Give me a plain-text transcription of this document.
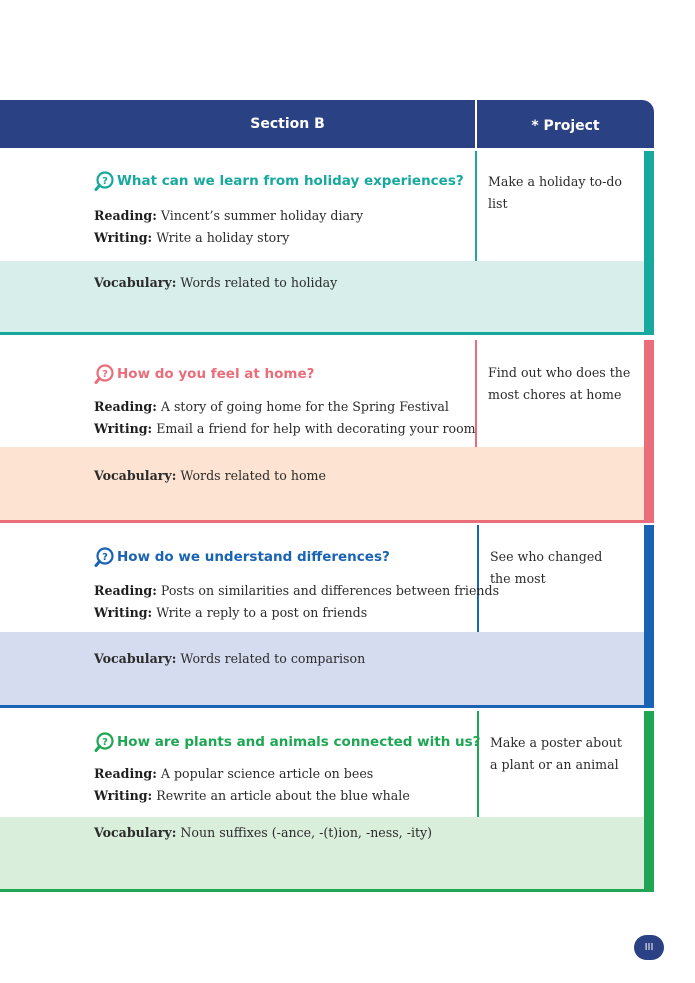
Section B	* Project
? What can we learn from holiday experiences?
Reading: Vincent’s summer holiday diary
Writing: Write a holiday story
Make a holiday to-do list
Vocabulary: Words related to holiday
? How do you feel at home?
Reading: A story of going home for the Spring Festival
Writing: Email a friend for help with decorating your room
Find out who does the most chores at home
Vocabulary: Words related to home
? How do we understand differences?
Reading: Posts on similarities and differences between friends
Writing: Write a reply to a post on friends
See who changed the most
Vocabulary: Words related to comparison
? How are plants and animals connected with us?
Reading: A popular science article on bees
Writing: Rewrite an article about the blue whale
Make a poster about a plant or an animal
Vocabulary: Noun suffixes (-ance, -(t)ion, -ness, -ity)
III
